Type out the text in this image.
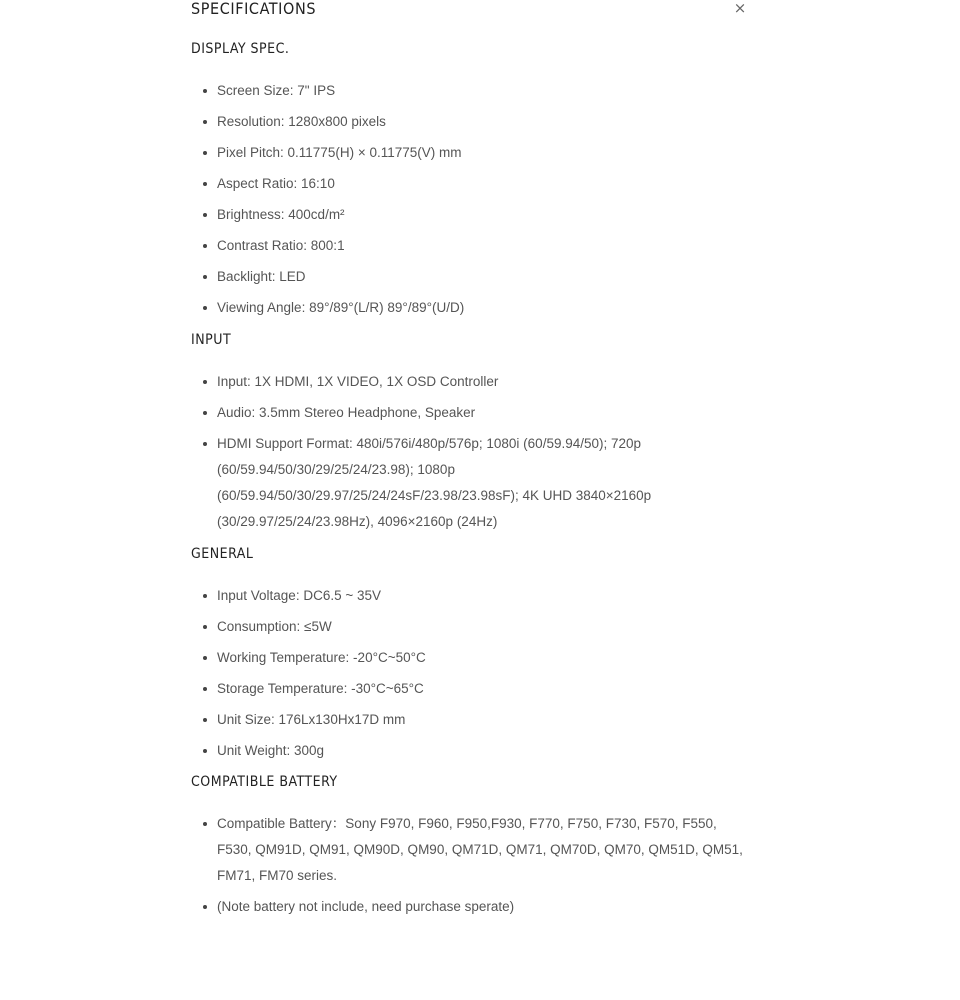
SPECIFICATIONS	×
DISPLAY SPEC.
Screen Size: 7" IPS
Resolution: 1280x800 pixels
Pixel Pitch: 0.11775(H) × 0.11775(V) mm
Aspect Ratio: 16:10
Brightness: 400cd/m²
Contrast Ratio: 800:1
Backlight: LED
Viewing Angle: 89°/89°(L/R) 89°/89°(U/D)
INPUT
Input: 1X HDMI, 1X VIDEO, 1X OSD Controller
Audio: 3.5mm Stereo Headphone, Speaker
HDMI Support Format: 480i/576i/480p/576p; 1080i (60/59.94/50); 720p (60/59.94/50/30/29/25/24/23.98); 1080p (60/59.94/50/30/29.97/25/24/24sF/23.98/23.98sF); 4K UHD 3840×2160p (30/29.97/25/24/23.98Hz), 4096×2160p (24Hz)
GENERAL
Input Voltage: DC6.5 ~ 35V
Consumption: ≤5W
Working Temperature: -20°C~50°C
Storage Temperature: -30°C~65°C
Unit Size: 176Lx130Hx17D mm
Unit Weight: 300g
COMPATIBLE BATTERY
Compatible Battery：Sony F970, F960, F950,F930, F770, F750, F730, F570, F550, F530, QM91D, QM91, QM90D, QM90, QM71D, QM71, QM70D, QM70, QM51D, QM51, FM71, FM70 series.
(Note battery not include, need purchase sperate)
